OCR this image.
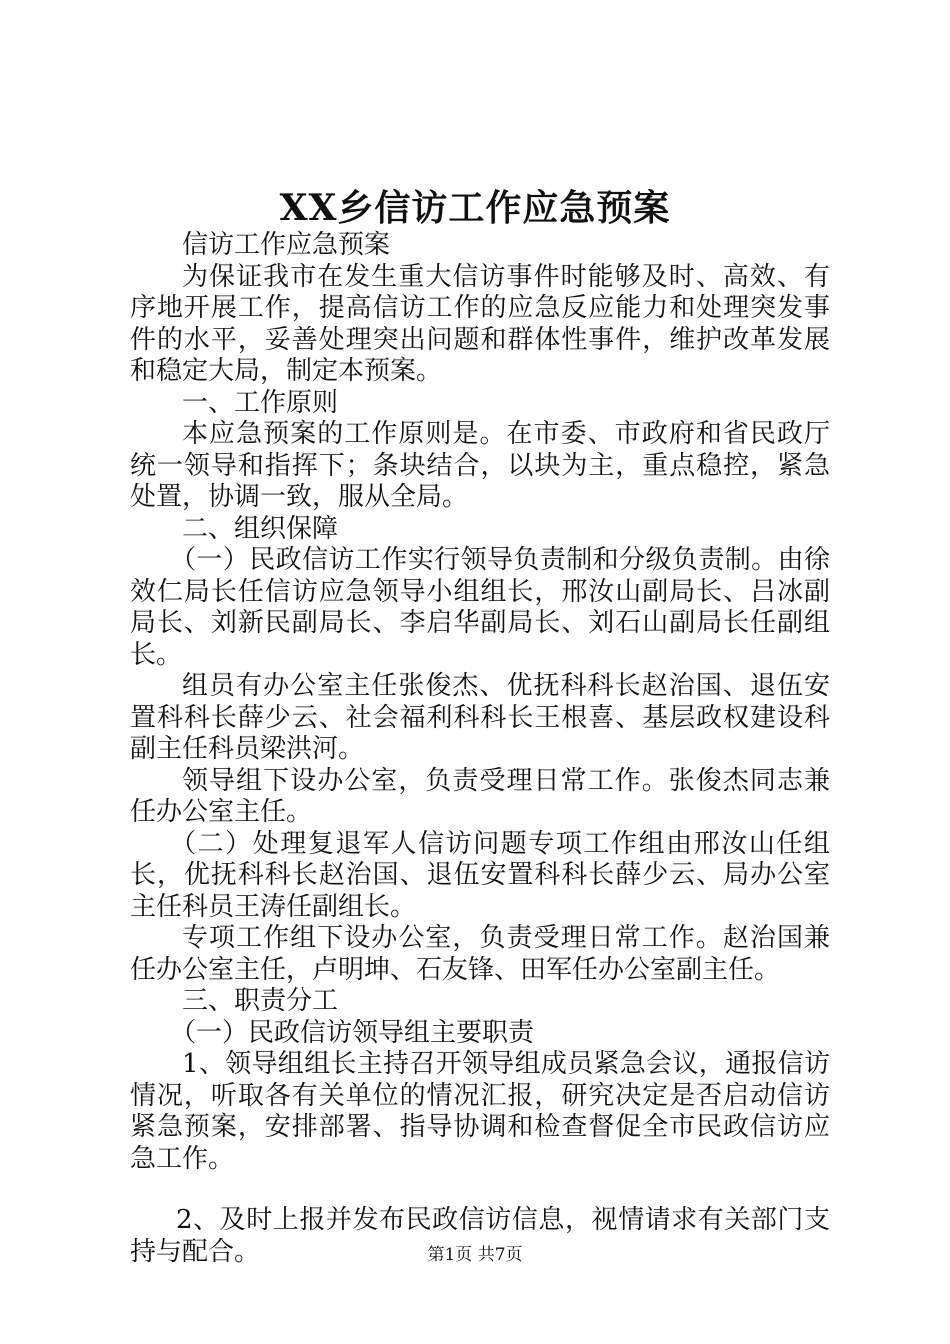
XX乡信访工作应急预案

信访工作应急预案

为保证我市在发生重大信访事件时能够及时、高效、有序地开展工作，提高信访工作的应急反应能力和处理突发事件的水平，妥善处理突出问题和群体性事件，维护改革发展和稳定大局，制定本预案。

一、工作原则

本应急预案的工作原则是。在市委、市政府和省民政厅统一领导和指挥下；条块结合，以块为主，重点稳控，紧急处置，协调一致，服从全局。

二、组织保障

（一）民政信访工作实行领导负责制和分级负责制。由徐效仁局长任信访应急领导小组组长，邢汝山副局长、吕冰副局长、刘新民副局长、李启华副局长、刘石山副局长任副组长。

组员有办公室主任张俊杰、优抚科科长赵治国、退伍安置科科长薛少云、社会福利科科长王根喜、基层政权建设科副主任科员梁洪河。

领导组下设办公室，负责受理日常工作。张俊杰同志兼任办公室主任。

（二）处理复退军人信访问题专项工作组由邢汝山任组长，优抚科科长赵治国、退伍安置科科长薛少云、局办公室主任科员王涛任副组长。

专项工作组下设办公室，负责受理日常工作。赵治国兼任办公室主任，卢明坤、石友锋、田军任办公室副主任。

三、职责分工

（一）民政信访领导组主要职责

1、领导组组长主持召开领导组成员紧急会议，通报信访情况，听取各有关单位的情况汇报，研究决定是否启动信访紧急预案，安排部署、指导协调和检查督促全市民政信访应急工作。

2、及时上报并发布民政信访信息，视情请求有关部门支持与配合。	第1页 共7页
